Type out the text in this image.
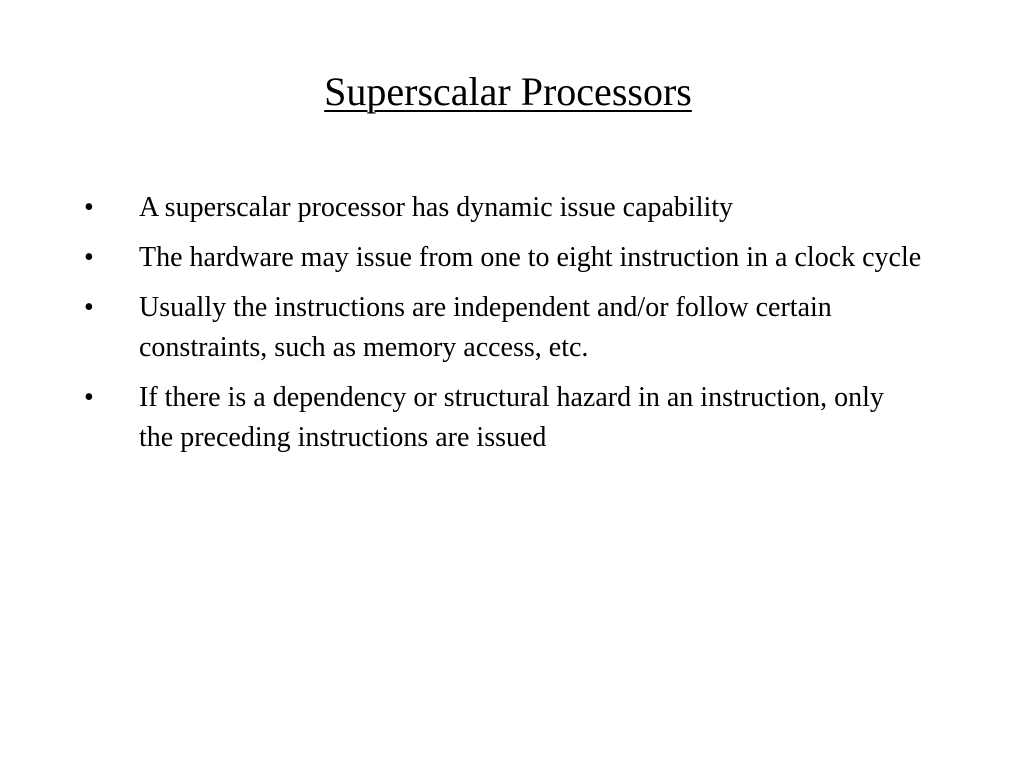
Superscalar Processors
•	A superscalar processor has dynamic issue capability
•	The hardware may issue from one to eight instruction in a clock cycle
•	Usually the instructions are independent and/or follow certain constraints, such as memory access, etc.
•	If there is a dependency or structural hazard in an instruction, only the preceding instructions are issued
